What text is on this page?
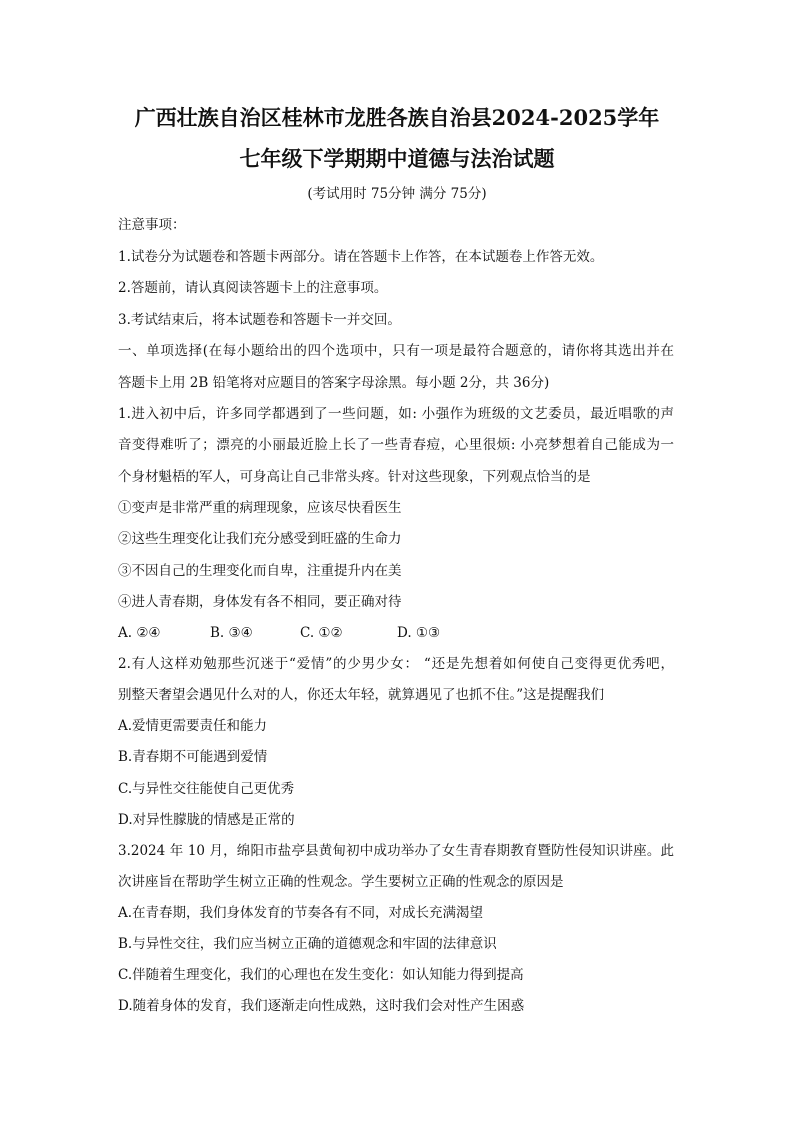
广西壮族自治区桂林市龙胜各族自治县2024-2025学年
七年级下学期期中道德与法治试题
(考试用时 75分钟 满分 75分)
注意事项：
1.试卷分为试题卷和答题卡两部分。请在答题卡上作答，在本试题卷上作答无效。
2.答题前，请认真阅读答题卡上的注意事项。
3.考试结束后，将本试题卷和答题卡一并交回。
一、单项选择(在每小题给出的四个选项中，只有一项是最符合题意的，请你将其选出并在
答题卡上用 2B 铅笔将对应题目的答案字母涂黑。每小题 2分，共 36分)
1.进入初中后，许多同学都遇到了一些问题，如: 小强作为班级的文艺委员，最近唱歌的声
音变得难听了；漂亮的小丽最近脸上长了一些青春痘，心里很烦: 小亮梦想着自己能成为一
个身材魁梧的军人，可身高让自己非常头疼。针对这些现象，下列观点恰当的是
①变声是非常严重的病理现象，应该尽快看医生
②这些生理变化让我们充分感受到旺盛的生命力
③不因自己的生理变化而自卑，注重提升内在美
④进人青春期，身体发有各不相同，要正确对待
A. ②④	B. ③④	C. ①②	D. ①③
2.有人这样劝勉那些沉迷于“爱情”的少男少女： “还是先想着如何使自己变得更优秀吧，
别整天奢望会遇见什么对的人，你还太年轻，就算遇见了也抓不住。”这是提醒我们
A.爱情更需要责任和能力
B.青春期不可能遇到爱情
C.与异性交往能使自己更优秀
D.对异性朦胧的情感是正常的
3.2024 年 10 月，绵阳市盐亭县黄甸初中成功举办了女生青春期教育暨防性侵知识讲座。此
次讲座旨在帮助学生树立正确的性观念。学生要树立正确的性观念的原因是
A.在青春期，我们身体发育的节奏各有不同，对成长充满渴望
B.与异性交往，我们应当树立正确的道德观念和牢固的法律意识
C.伴随着生理变化，我们的心理也在发生变化：如认知能力得到提高
D.随着身体的发育，我们逐渐走向性成熟，这时我们会对性产生困惑
